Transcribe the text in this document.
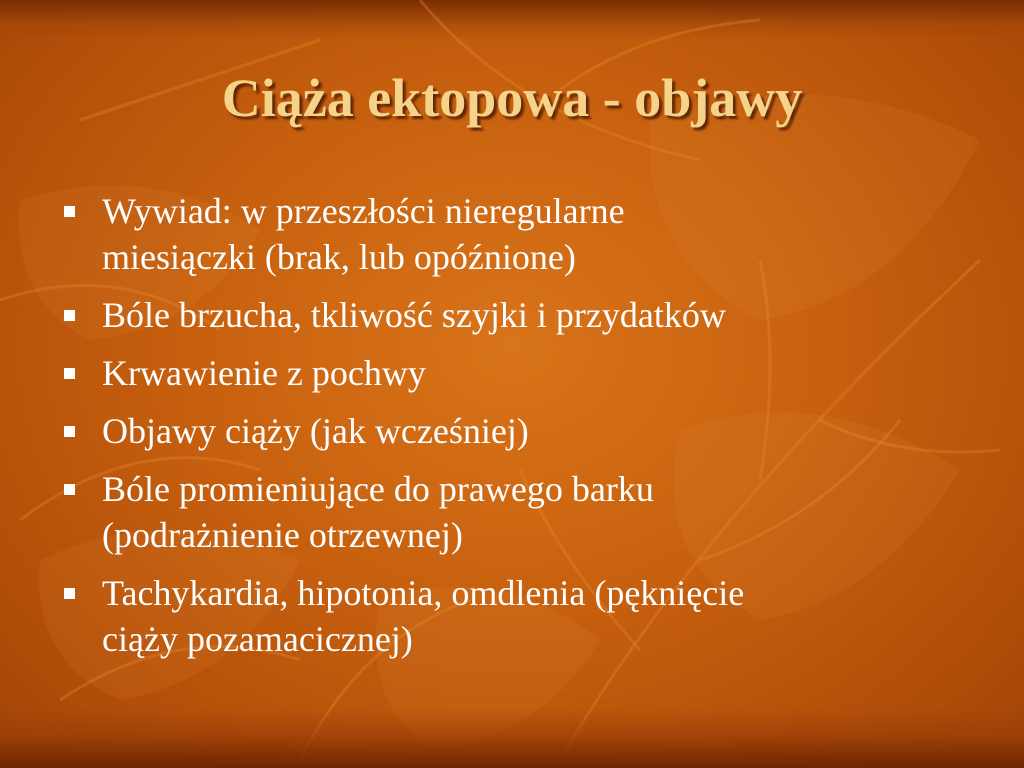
Ciąża ektopowa - objawy
Wywiad: w przeszłości nieregularne
miesiączki (brak, lub opóźnione)
Bóle brzucha, tkliwość szyjki i przydatków
Krwawienie z pochwy
Objawy ciąży (jak wcześniej)
Bóle promieniujące do prawego barku
(podrażnienie otrzewnej)
Tachykardia, hipotonia, omdlenia (pęknięcie
ciąży pozamacicznej)
